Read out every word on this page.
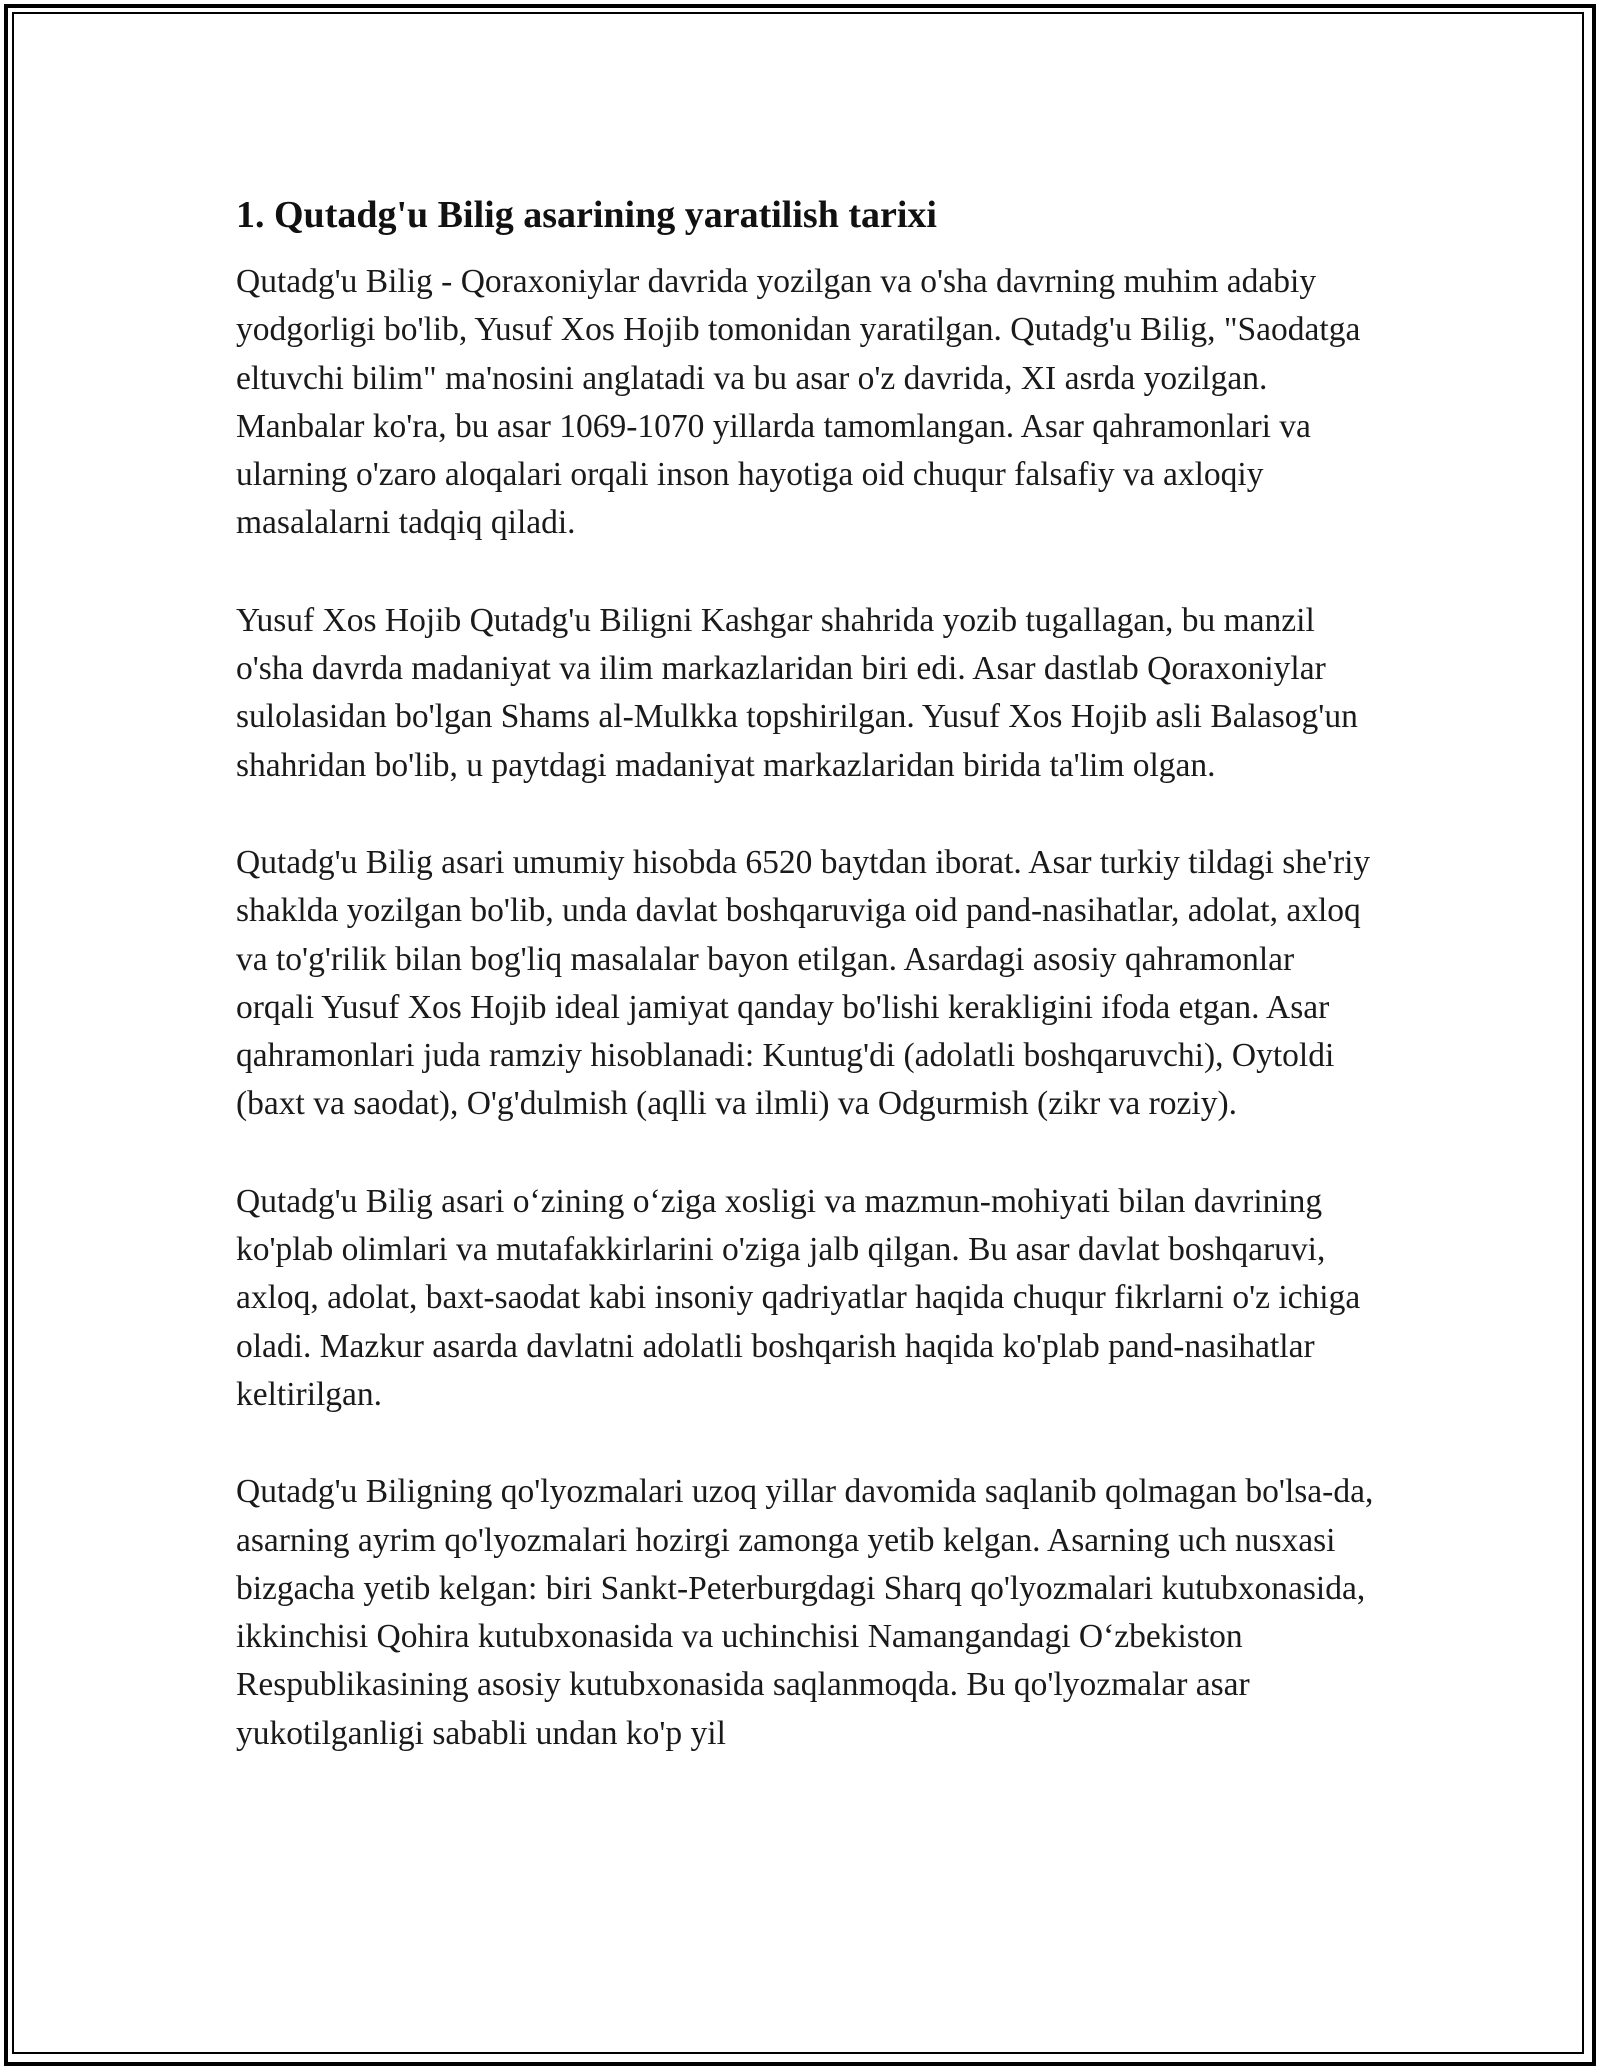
1. Qutadg'u Bilig asarining yaratilish tarixi

Qutadg'u Bilig - Qoraxoniylar davrida yozilgan va o'sha davrning muhim adabiy yodgorligi bo'lib, Yusuf Xos Hojib tomonidan yaratilgan. Qutadg'u Bilig, "Saodatga eltuvchi bilim" ma'nosini anglatadi va bu asar o'z davrida, XI asrda yozilgan. Manbalar ko'ra, bu asar 1069-1070 yillarda tamomlangan. Asar qahramonlari va ularning o'zaro aloqalari orqali inson hayotiga oid chuqur falsafiy va axloqiy masalalarni tadqiq qiladi.

Yusuf Xos Hojib Qutadg'u Biligni Kashgar shahrida yozib tugallagan, bu manzil o'sha davrda madaniyat va ilim markazlaridan biri edi. Asar dastlab Qoraxoniylar sulolasidan bo'lgan Shams al-Mulkka topshirilgan. Yusuf Xos Hojib asli Balasog'un shahridan bo'lib, u paytdagi madaniyat markazlaridan birida ta'lim olgan.

Qutadg'u Bilig asari umumiy hisobda 6520 baytdan iborat. Asar turkiy tildagi she'riy shaklda yozilgan bo'lib, unda davlat boshqaruviga oid pand-nasihatlar, adolat, axloq va to'g'rilik bilan bog'liq masalalar bayon etilgan. Asardagi asosiy qahramonlar orqali Yusuf Xos Hojib ideal jamiyat qanday bo'lishi kerakligini ifoda etgan. Asar qahramonlari juda ramziy hisoblanadi: Kuntug'di (adolatli boshqaruvchi), Oytoldi (baxt va saodat), O'g'dulmish (aqlli va ilmli) va Odgurmish (zikr va roziy).

Qutadg'u Bilig asari o‘zining o‘ziga xosligi va mazmun-mohiyati bilan davrining ko'plab olimlari va mutafakkirlarini o'ziga jalb qilgan. Bu asar davlat boshqaruvi, axloq, adolat, baxt-saodat kabi insoniy qadriyatlar haqida chuqur fikrlarni o'z ichiga oladi. Mazkur asarda davlatni adolatli boshqarish haqida ko'plab pand-nasihatlar keltirilgan.

Qutadg'u Biligning qo'lyozmalari uzoq yillar davomida saqlanib qolmagan bo'lsa-da, asarning ayrim qo'lyozmalari hozirgi zamonga yetib kelgan. Asarning uch nusxasi bizgacha yetib kelgan: biri Sankt-Peterburgdagi Sharq qo'lyozmalari kutubxonasida, ikkinchisi Qohira kutubxonasida va uchinchisi Namangandagi O‘zbekiston Respublikasining asosiy kutubxonasida saqlanmoqda. Bu qo'lyozmalar asar yukotilganligi sababli undan ko'p yil
